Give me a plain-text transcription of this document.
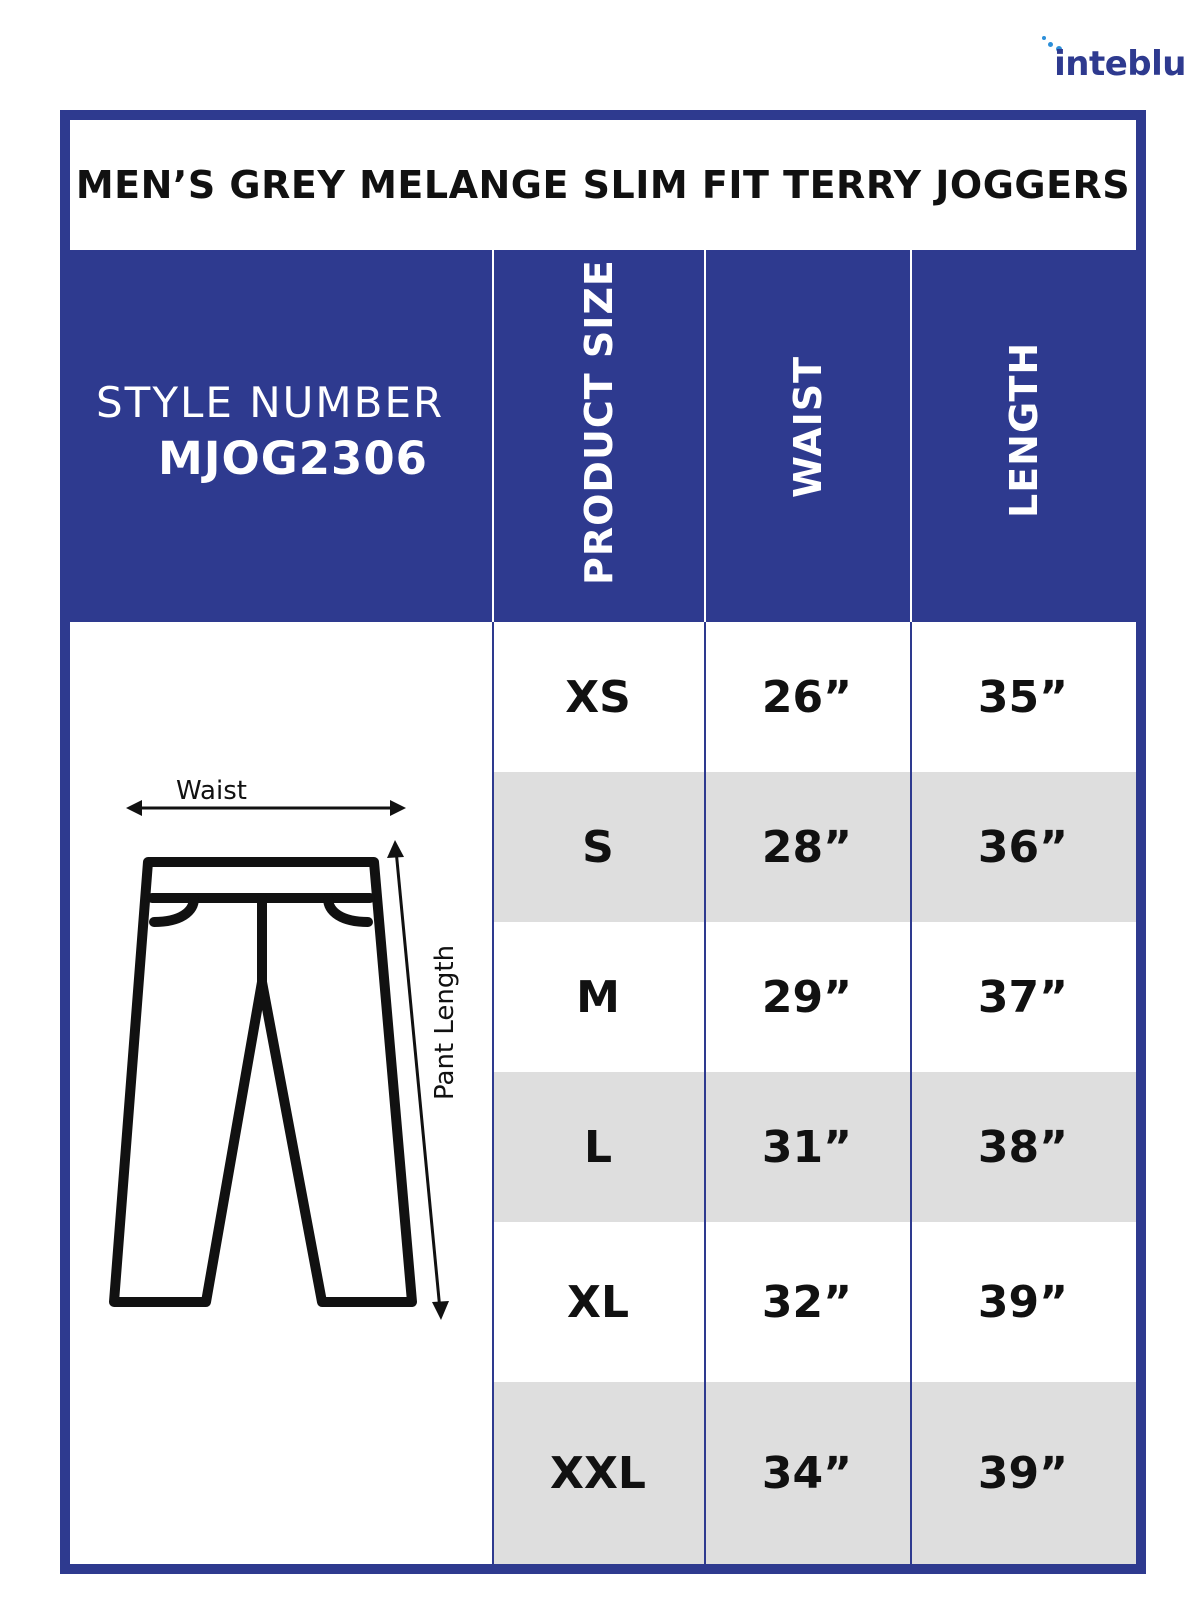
inteblu
MEN’S GREY MELANGE SLIM FIT TERRY JOGGERS
STYLE NUMBER
MJOG2306	PRODUCT SIZE	WAIST	LENGTH
Waist
Pant Length
XS	26”	35”
S	28”	36”
M	29”	37”
L	31”	38”
XL	32”	39”
XXL	34”	39”
